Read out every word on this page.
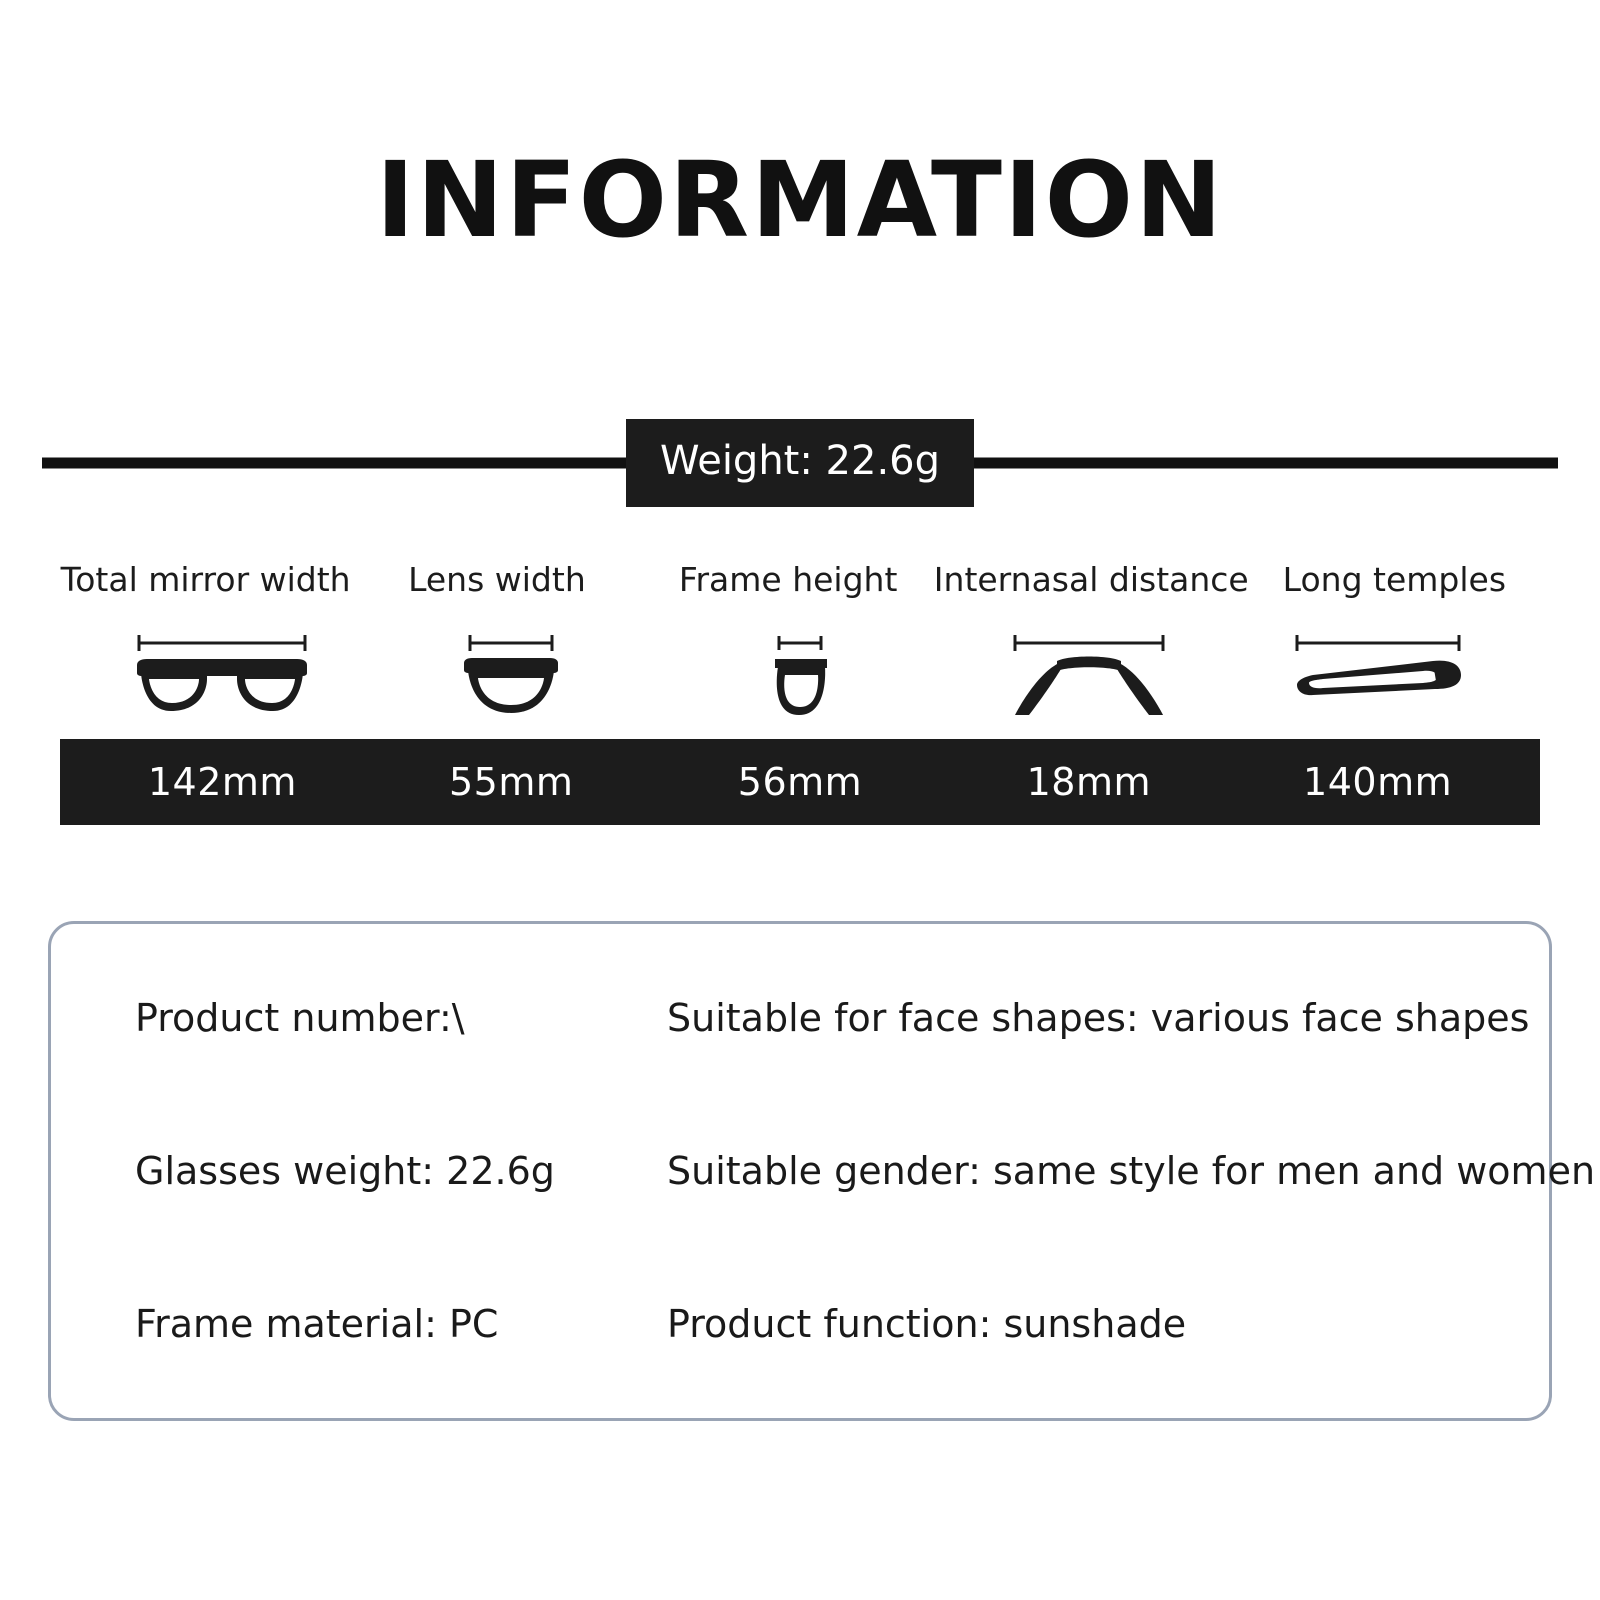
INFORMATION
Weight: 22.6g
Total mirror width	Lens width	Frame height	Internasal distance	Long temples
142mm	55mm	56mm	18mm	140mm
Product number:\	Suitable for face shapes: various face shapes
Glasses weight: 22.6g	Suitable gender: same style for men and women
Frame material: PC	Product function: sunshade
